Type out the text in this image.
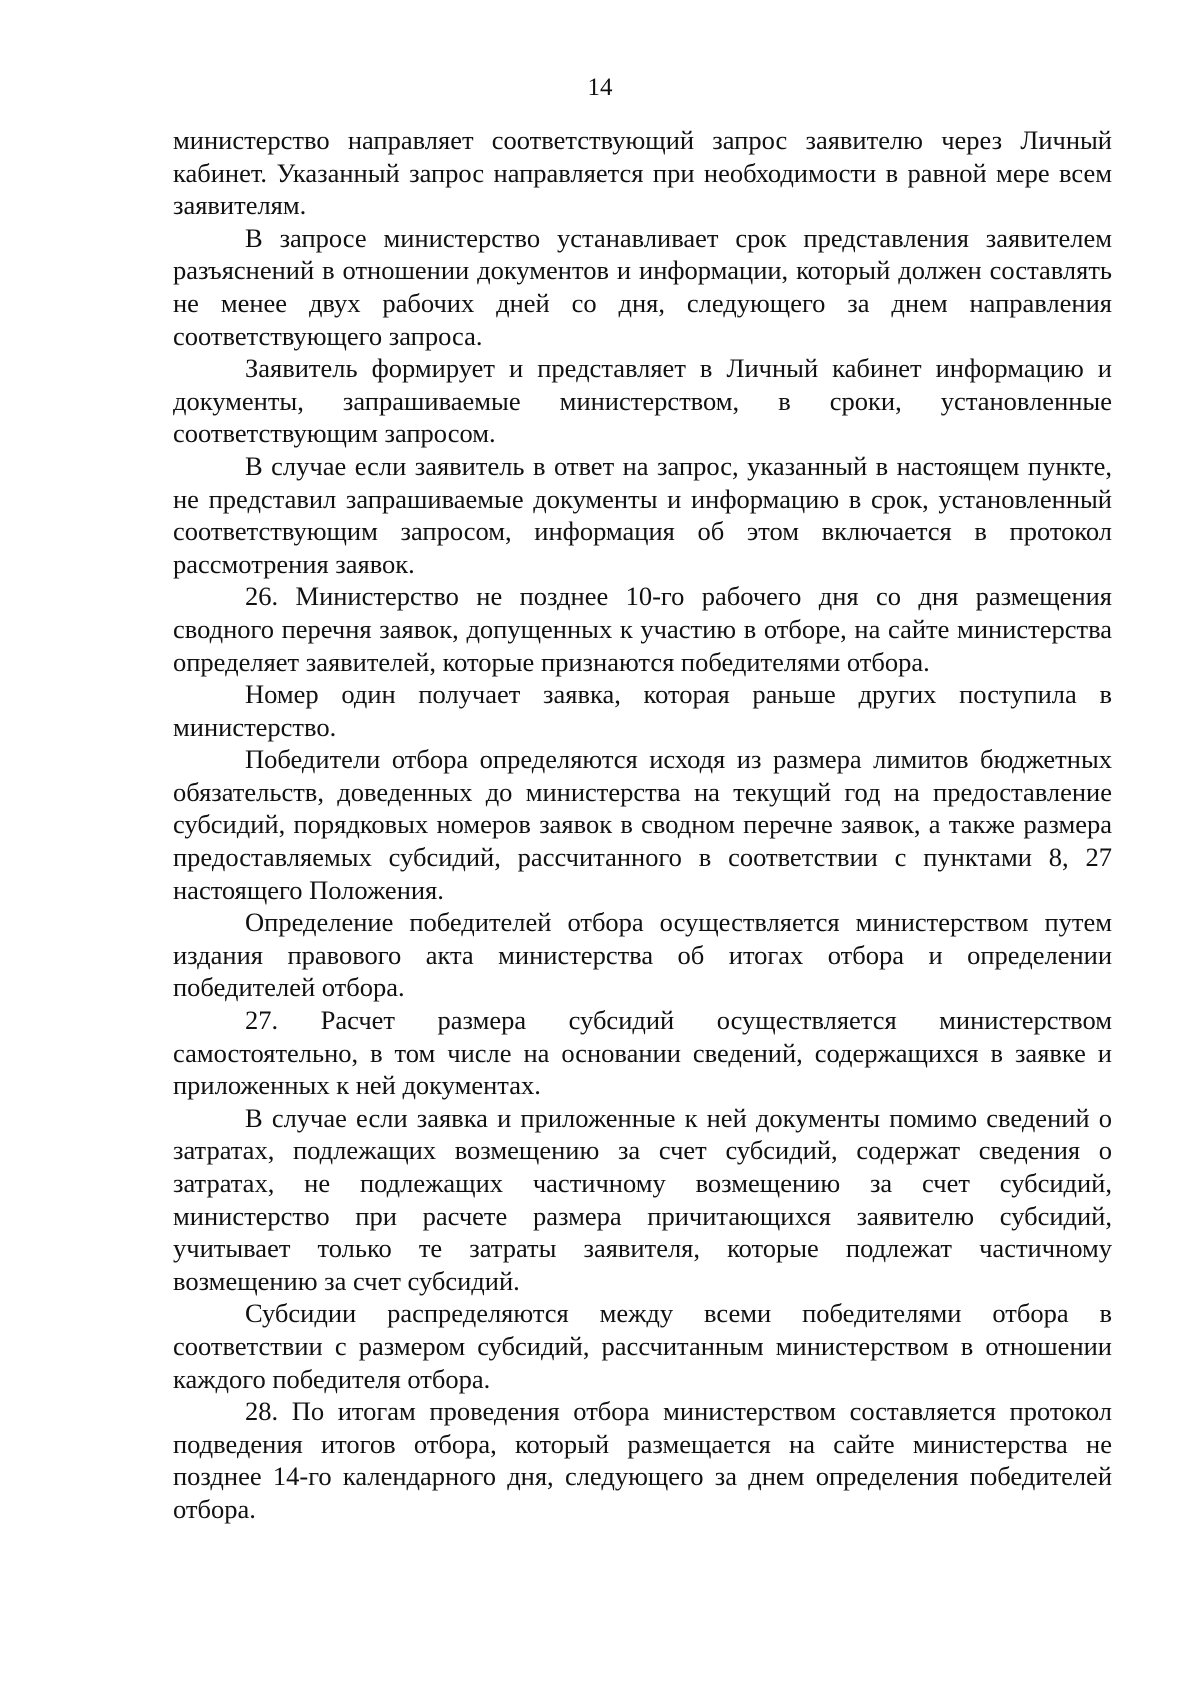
14

министерство направляет соответствующий запрос заявителю через Личный кабинет. Указанный запрос направляется при необходимости в равной мере всем заявителям.

В запросе министерство устанавливает срок представления заявителем разъяснений в отношении документов и информации, который должен составлять не менее двух рабочих дней со дня, следующего за днем направления соответствующего запроса.

Заявитель формирует и представляет в Личный кабинет информацию и документы, запрашиваемые министерством, в сроки, установленные соответствующим запросом.

В случае если заявитель в ответ на запрос, указанный в настоящем пункте, не представил запрашиваемые документы и информацию в срок, установленный соответствующим запросом, информация об этом включается в протокол рассмотрения заявок.

26. Министерство не позднее 10-го рабочего дня со дня размещения сводного перечня заявок, допущенных к участию в отборе, на сайте министерства определяет заявителей, которые признаются победителями отбора.

Номер один получает заявка, которая раньше других поступила в министерство.

Победители отбора определяются исходя из размера лимитов бюджетных обязательств, доведенных до министерства на текущий год на предоставление субсидий, порядковых номеров заявок в сводном перечне заявок, а также размера предоставляемых субсидий, рассчитанного в соответствии с пунктами 8, 27 настоящего Положения.

Определение победителей отбора осуществляется министерством путем издания правового акта министерства об итогах отбора и определении победителей отбора.

27. Расчет размера субсидий осуществляется министерством самостоятельно, в том числе на основании сведений, содержащихся в заявке и приложенных к ней документах.

В случае если заявка и приложенные к ней документы помимо сведений о затратах, подлежащих возмещению за счет субсидий, содержат сведения о затратах, не подлежащих частичному возмещению за счет субсидий, министерство при расчете размера причитающихся заявителю субсидий, учитывает только те затраты заявителя, которые подлежат частичному возмещению за счет субсидий.

Субсидии распределяются между всеми победителями отбора в соответствии с размером субсидий, рассчитанным министерством в отношении каждого победителя отбора.

28. По итогам проведения отбора министерством составляется протокол подведения итогов отбора, который размещается на сайте министерства не позднее 14-го календарного дня, следующего за днем определения победителей отбора.
